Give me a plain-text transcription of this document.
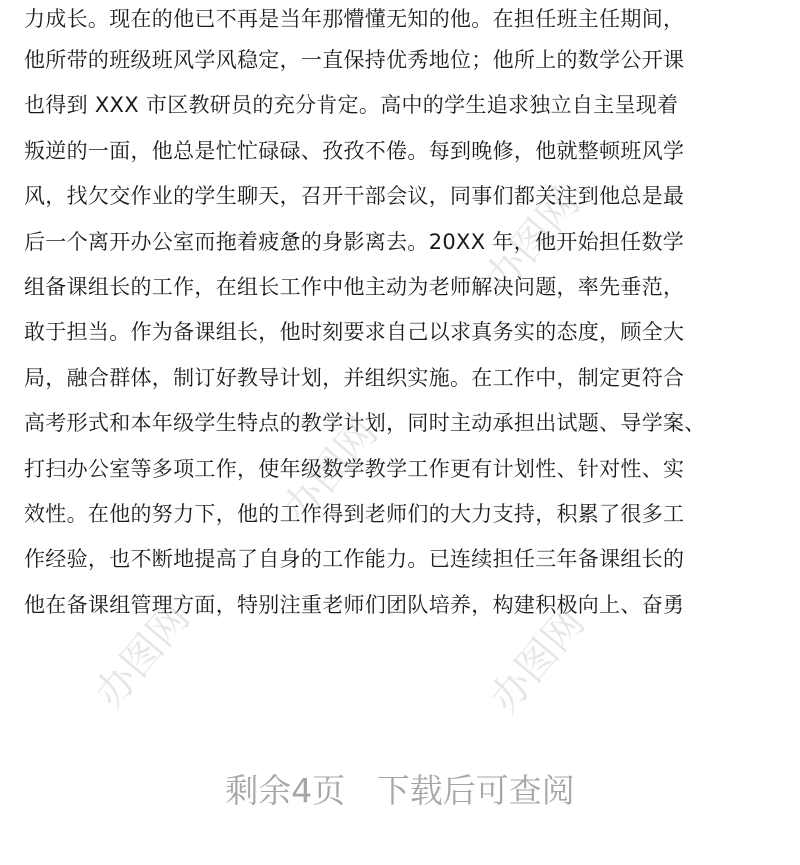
办图网
办图网
办图网	办图网
力成长。现在的他已不再是当年那懵懂无知的他。在担任班主任期间，
他所带的班级班风学风稳定，一直保持优秀地位；他所上的数学公开课
也得到 XXX 市区教研员的充分肯定。高中的学生追求独立自主呈现着
叛逆的一面，他总是忙忙碌碌、孜孜不倦。每到晚修，他就整顿班风学
风，找欠交作业的学生聊天，召开干部会议，同事们都关注到他总是最
后一个离开办公室而拖着疲惫的身影离去。20XX 年，他开始担任数学
组备课组长的工作，在组长工作中他主动为老师解决问题，率先垂范，
敢于担当。作为备课组长，他时刻要求自己以求真务实的态度，顾全大
局，融合群体，制订好教导计划，并组织实施。在工作中，制定更符合
高考形式和本年级学生特点的教学计划，同时主动承担出试题、导学案、
打扫办公室等多项工作，使年级数学教学工作更有计划性、针对性、实
效性。在他的努力下，他的工作得到老师们的大力支持，积累了很多工
作经验，也不断地提高了自身的工作能力。已连续担任三年备课组长的
他在备课组管理方面，特别注重老师们团队培养，构建积极向上、奋勇
剩余4页   下载后可查阅
